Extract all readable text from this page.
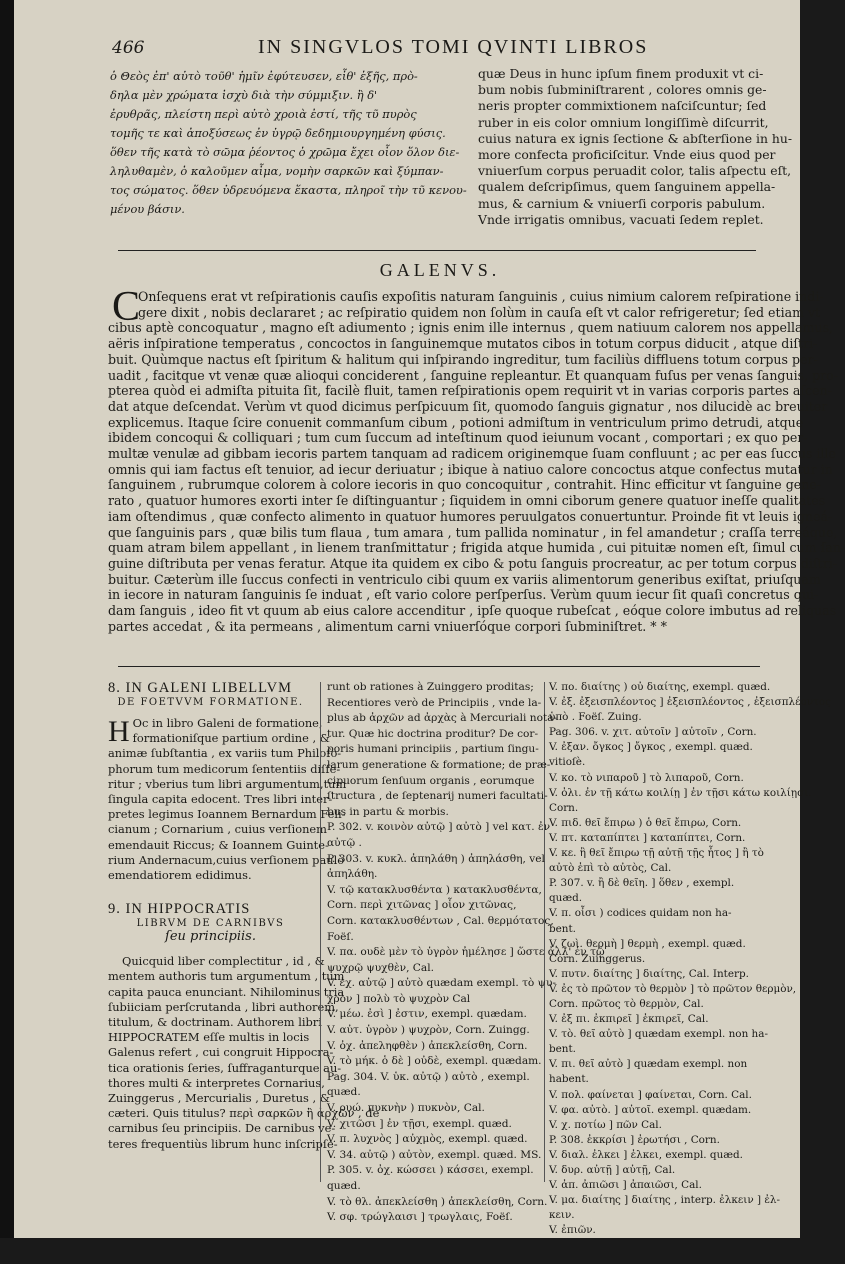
466	IN SINGVLOS TOMI QVINTI LIBROS
ὁ Θεὸς ἐπ' αὐτὸ τοῦθ' ἡμῖν ἐφύτευσεν, εἶθ' ἑξῆς, πρὸ-
δηλα μὲν χρώματα ἰσχὺ διὰ τὴν σύμμιξιν. ἢ δ'
ἐρυθρᾶς, πλείστη περὶ αὐτὸ χροιὰ ἐστί, τῆς τῦ πυρὸς
τομῆς τε καὶ ἀποξύσεως ἐν ὑγρῷ δεδημιουργημένη φύσις.
ὅθεν τῆς κατὰ τὸ σῶμα ῥέοντος ὁ χρῶμα ἔχει οἷον ὅλον διε-
ληλυθαμὲν, ὁ καλοῦμεν αἷμα, νομὴν σαρκῶν καὶ ξύμπαν-
τος σώματος. ὅθεν ὑδρευόμενα ἕκαστα, πληροῖ τὴν τῦ κενου-
μένου βάσιν.
quæ Deus in hunc ipſum finem produxit vt ci-
bum nobis ſubminiſtrarent , colores omnis ge-
neris propter commixtionem naſciſcuntur; ſed
ruber in eis color omnium longiſſimè diſcurrit,
cuius natura ex ignis ſectione & abſterſione in hu-
more confecta proficiſcitur. Vnde eius quod per
vniuerſum corpus peruadit color, talis aſpectu eſt,
qualem deſcripſimus, quem ſanguinem appella-
mus, & carnium & vniuerſi corporis pabulum.
Vnde irrigatis omnibus, vacuati ſedem replet.
GALENVS.
C
Onſequens erat vt reſpirationis cauſis expoſitis naturam ſanguinis , cuius nimium calorem reſpiratione indi-
gere dixit , nobis declararet ; ac reſpiratio quidem non ſolùm in cauſa eſt vt calor refrigeretur; ſed etiam vt
cibus aptè concoquatur , magno eſt adiumento ; ignis enim ille internus , quem natiuum calorem nos appellamus,
aëris inſpiratione temperatus , concoctos in ſanguinemque mutatos cibos in totum corpus diducit , atque diſtri-
buit. Quùmque nactus eſt ſpiritum & halitum qui inſpirando ingreditur, tum faciliùs diffluens totum corpus per-
uadit , facitque vt venæ quæ alioqui conciderent , ſanguine repleantur. Et quanquam fuſus per venas ſanguis, pro-
pterea quòd ei admiſta pituita ſit, facilè fluit, tamen reſpirationis opem requirit vt in varias corporis partes aſcen-
dat atque deſcendat. Verùm vt quod dicimus perſpicuum ſit, quomodo ſanguis gignatur , nos dilucidè ac breuiter
explicemus. Itaque ſcire conuenit commanſum cibum , potioni admiſtum in ventriculum primo detrudi, atque
ibidem concoqui & colliquari ; tum cum ſuccum ad inteſtinum quod ieiunum vocant , comportari ; ex quo per-
multæ venulæ ad gibbam iecoris partem tanquam ad radicem originemque ſuam confluunt ; ac per eas ſuccus ille
omnis qui iam factus eſt tenuior, ad iecur deriuatur ; ibique à natiuo calore concoctus atque confectus mutatur in
ſanguinem , rubrumque colorem à colore iecoris in quo concoquitur , contrahit. Hinc efficitur vt ſanguine gene-
rato , quatuor humores exorti inter ſe diſtinguantur ; ſiquidem in omni ciborum genere quatuor ineſſe qualitates
iam oſtendimus , quæ confecto alimento in quatuor humores peruulgatos conuertuntur. Proinde fit vt leuis igneá-
que ſanguinis pars , quæ bilis tum flaua , tum amara , tum pallida nominatur , in fel amandetur ; craſſa terreáque,
quam atram bilem appellant , in lienem tranſmittatur ; frigida atque humida , cui pituitæ nomen eſt, ſimul cum ſan-
guine diſtributa per venas feratur. Atque ita quidem ex cibo & potu ſanguis procreatur, ac per totum corpus diſtri-
buitur. Cæterùm ille ſuccus confecti in ventriculo cibi quum ex variis alimentorum generibus exiſtat, priuſquam
in iecore in naturam ſanguinis ſe induat , eſt vario colore perſperſus. Verùm quum iecur ſit quaſi concretus qui-
dam ſanguis , ideo fit vt quum ab eius calore accenditur , ipſe quoque rubeſcat , eóque colore imbutus ad reliquas
partes accedat , & ita permeans , alimentum carni vniuerſóque corpori ſubminiſtret. * *
8. IN GALENI LIBELLVM
DE FOETVVM FORMATIONE.
H Oc in libro Galeni de formatione,
formationiſque partium ordine , &
animæ ſubſtantia , ex variis tum Philoſo-
phorum tum medicorum ſententiis diſſe-
ritur ; vberius tum libri argumentum,tum
ſingula capita edocent. Tres libri inter-
pretes legimus Ioannem Bernardum Feli-
cianum ; Cornarium , cuius verſionem
emendauit Riccus; & Ioannem Guinte-
rium Andernacum,cuius verſionem paulò
emendatiorem edidimus.
9. IN HIPPOCRATIS
LIBRVM DE CARNIBVS
ſeu principiis.
Quicquid liber complectitur , id , &
mentem authoris tum argumentum , tum
capita pauca enunciant. Nihilominus tria
ſubiiciam perſcrutanda , libri authorem,
titulum, & doctrinam. Authorem libri
HIPPOCRATEM eſſe multis in locis
Galenus refert , cui congruit Hippocra-
tica orationis ſeries, ſuffraganturque au-
thores multi & interpretes Cornarius,
Zuinggerus , Mercurialis , Duretus , &
cæteri. Quis titulus? περὶ σαρκῶν ἢ ἀρχῶν , de
carnibus ſeu principiis. De carnibus ve-
teres frequentiùs librum hunc inſcripſe-
runt ob rationes à Zuinggero proditas;
Recentiores verò de Principiis , vnde la-
plus ab ἀρχῶν ad ἀρχὰς à Mercuriali nota-
tur. Quæ hic doctrina proditur? De cor-
poris humani principiis , partium ſingu-
larum generatione & formatione; de præ-
cipuorum ſenſuum organis , eorumque
ſtructura , de ſeptenarij numeri facultati-
bus in partu & morbis.
P. 302. v. κοινὸν αὐτῷ ] αὐτὸ ] vel κατ. ἐν
αὐτῷ .
P. 303. v. κυκλ. ἀπηλάθη ) ἀπηλάσθη, vel
ἀπηλάθη.
V. τῷ κατακλυσθέντα ) κατακλυσθέντα,
Corn. περὶ χιτῶνας ] οἷον χιτῶνας,
Corn. κατακλυσθέντων , Cal. θερμότατος,
Foëſ.
V. πα. ουδὲ μὲν τὸ ὑγρὸν ἠμέλησε ] ὥστε ἀλλ' ἐν τῷ
ψυχρῷ ψυχθὲν, Cal.
V. ἐχ. αὐτῷ ] αὐτὸ quædam exempl. τὸ ψυ-
χρὸν ] πολὺ τὸ ψυχρὸν Cal
V. μέω. ἐσὶ ] ἐστιν, exempl. quædam.
V. αὐτ. ὑγρὸν ) ψυχρὸν, Corn. Zuingg.
V. ὀχ. ἀπεληφθὲν ) ἀπεκλείσθη, Corn.
V. τὸ μήκ. ὁ δὲ ] οὐδὲ, exempl. quædam.
Pag. 304. V. ὑκ. αὐτῷ ) αὐτὸ , exempl.
quæd.
V. ρυώ. πυκνὴν ) πυκνὸν, Cal.
V. χιτῶσι ] ἐν τῇσι, exempl. quæd.
V. π. λυχνὸς ] αὐχμὸς, exempl. quæd.
V. 34. αὐτῷ ) αὐτὸν, exempl. quæd. MS.
P. 305. v. ὀχ. κώσσει ) κάσσει, exempl.
quæd.
V. τὸ θλ. ἀπεκλείσθη ) ἀπεκλείσθη, Corn.
V. σφ. τρώγλαισι ] τρωγλαις, Foëſ.
V. πο. διαίτης ) οὐ διαίτης, exempl. quæd.
V. ἐξ. ἐξεισπλέοντος ] ἐξεισπλέοντος , ἐξεισπλέοντος
ὑπὸ . Foëſ. Zuing.
Pag. 306. v. χιτ. αὐτοῖν ] αὐτοῖν , Corn.
V. ἐξαν. ὄγκος ] ὄγκος , exempl. quæd.
vitioſè.
V. κο. τὸ νιπαροῦ ] τὸ λιπαροῦ, Corn.
V. ὀλι. ἐν τῇ κάτω κοιλίῃ ] ἐν τῇσι κάτω κοιλίῃσι.
Corn.
V. πιδ. θεῖ ἔπιρω ) ὁ θεῖ ἔπιρω, Corn.
V. πτ. καταπίπτει ] καταπίπτει, Corn.
V. κε. ἢ θεῖ ἔπιρω τῇ αὐτῇ τῇς ἦτος ] ἢ τὸ
αὐτὸ ἐπὶ τὸ αὐτὸς, Cal.
P. 307. v. ἢ δὲ θεῖη. ] ὅθεν , exempl.
quæd.
V. π. οἶσι ) codices quidam non ha-
bent.
V. ζωὶ. θερμὴ ] θερμὴ , exempl. quæd.
Corn. Zuinggerus.
V. πυτν. διαίτης ] διαίτης, Cal. Interp.
V. ἐς τὸ πρῶτον τὸ θερμὸν ] τὸ πρῶτον θερμὸν,
Corn. πρῶτος τὸ θερμὸν, Cal.
V. ἐξ πι. ἐκπιρεῖ ] ἐκπιρεῖ, Cal.
V. τὸ. θεῖ αὐτὸ ] quædam exempl. non ha-
bent.
V. πι. θεῖ αὐτὸ ] quædam exempl. non
habent.
V. πολ. φαίνεται ] φαίνεται, Corn. Cal.
V. φα. αὐτὸ. ] αὐτοῖ. exempl. quædam.
V. χ. ποτίω ] πῶν Cal.
P. 308. ἐκκρίσι ] ἐρωτήσι , Corn.
V. διαλ. ἐλκει ] ἐλκει, exempl. quæd.
V. δυρ. αὐτῇ ] αὐτῇ, Cal.
V. ἀπ. ἀπιῶσι ] ἀπαιῶσι, Cal.
V. μα. διαίτης ] διαίτης , interp. ἐλκειν ] ἐλ-
κειν.
V. ἐπιῶν.
